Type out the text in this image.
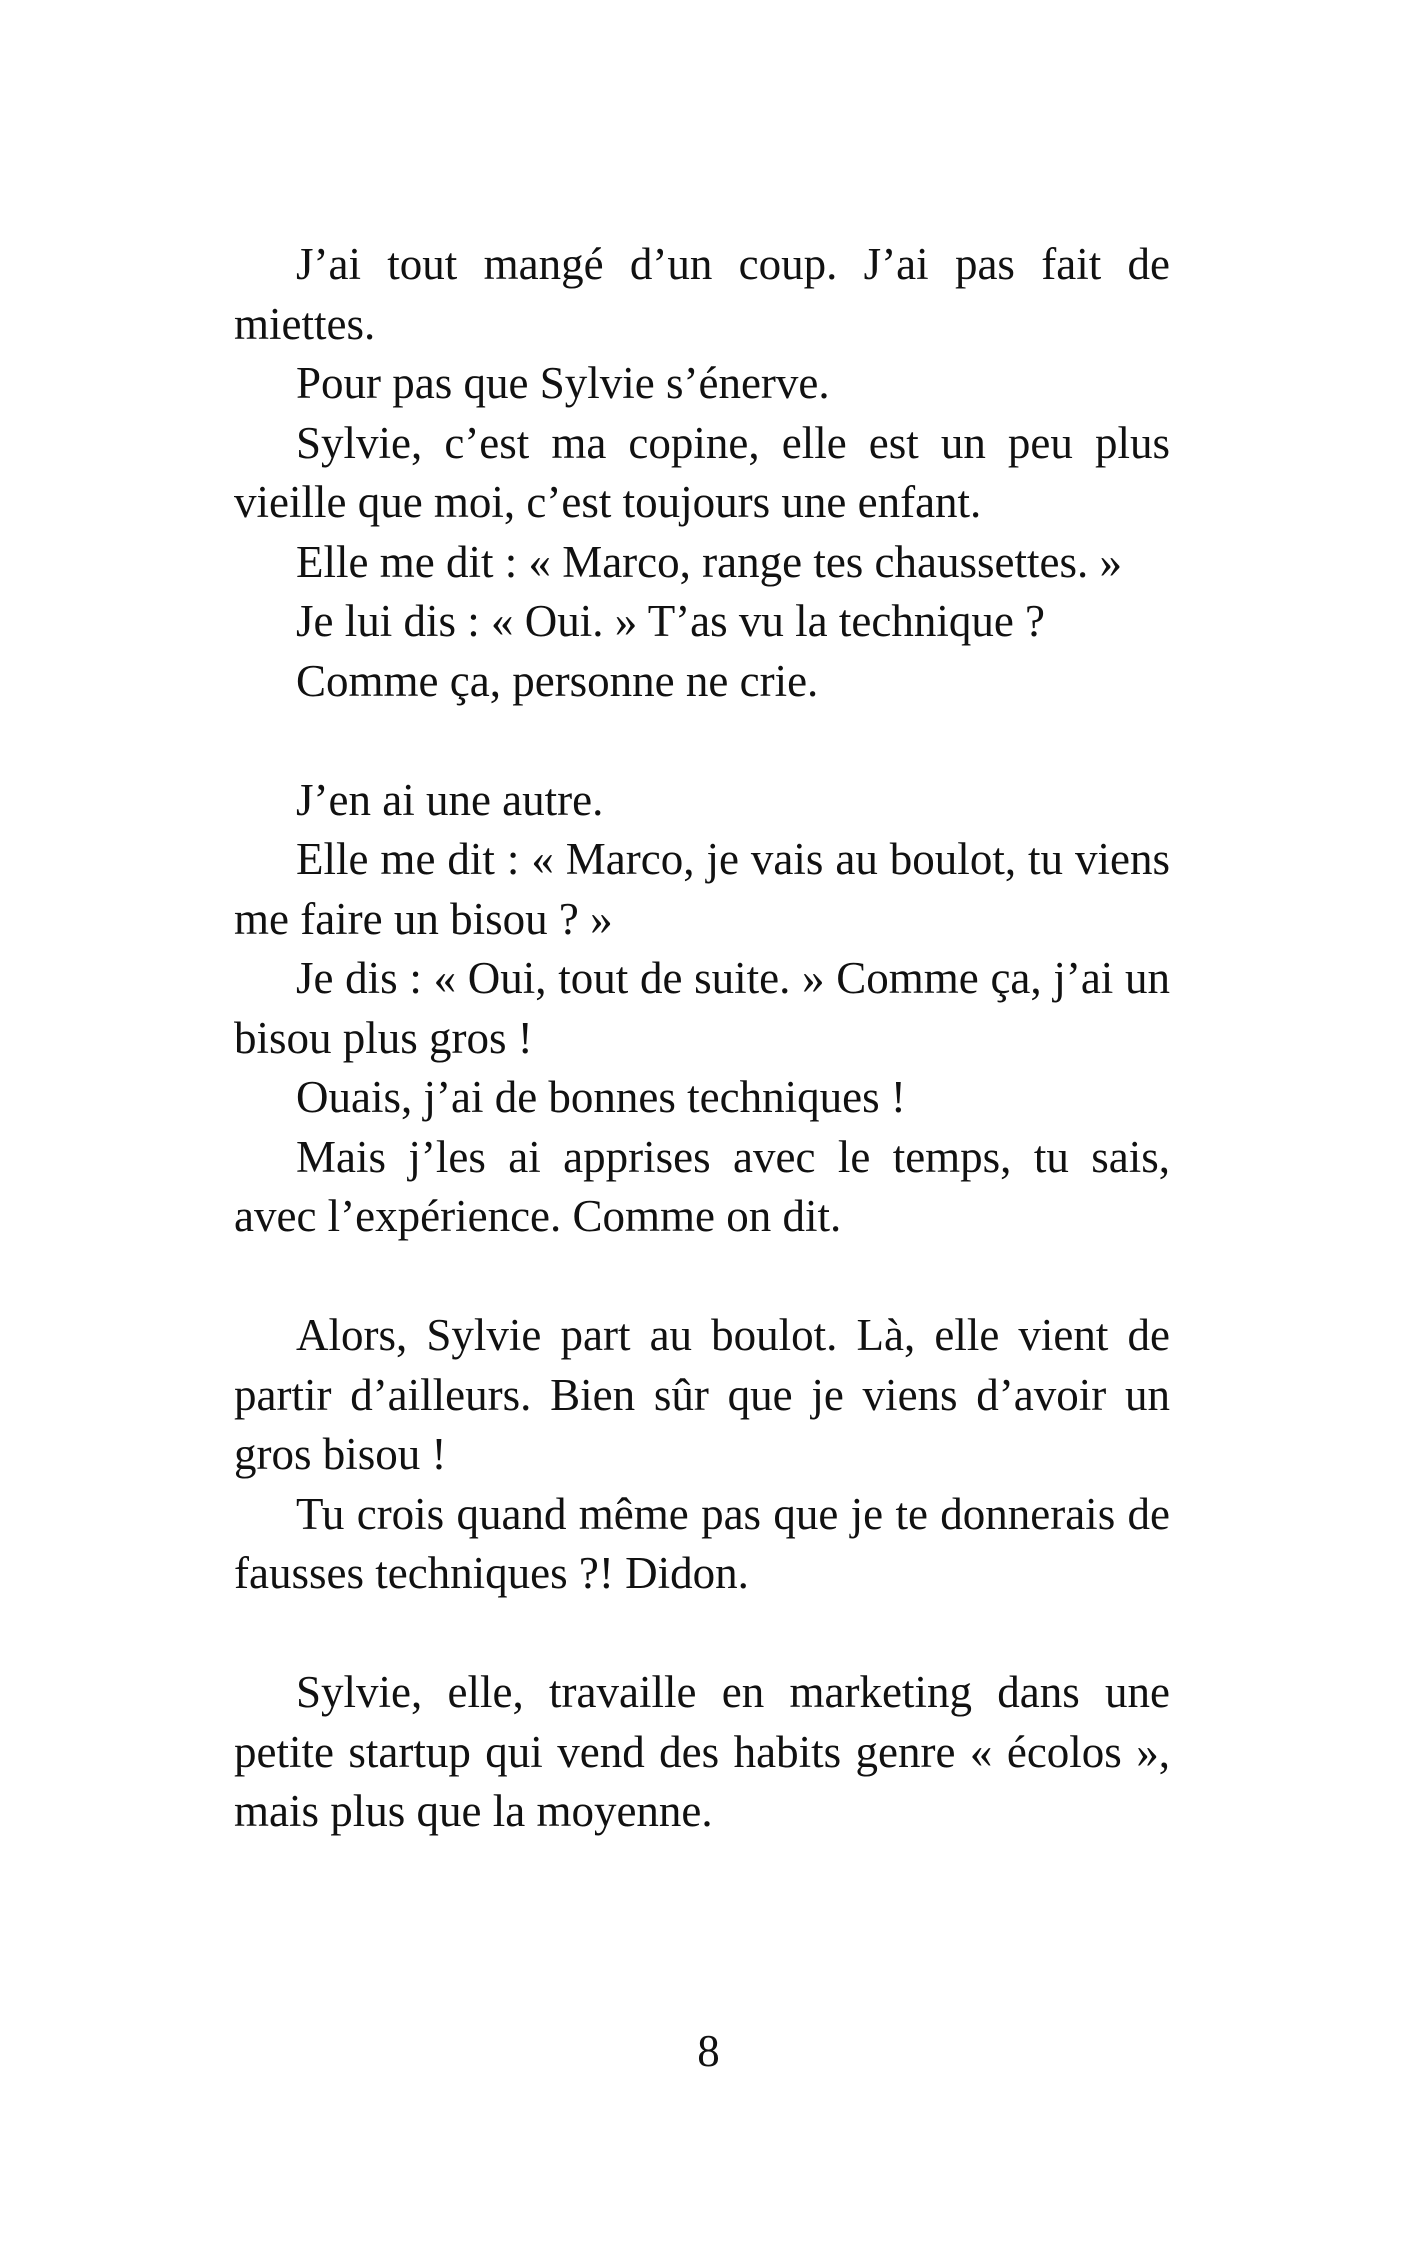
J’ai tout mangé d’un coup. J’ai pas fait de miettes.

Pour pas que Sylvie s’énerve.

Sylvie, c’est ma copine, elle est un peu plus vieille que moi, c’est toujours une enfant.

Elle me dit : « Marco, range tes chaussettes. »

Je lui dis : « Oui. » T’as vu la technique ?

Comme ça, personne ne crie.

J’en ai une autre.

Elle me dit : « Marco, je vais au boulot, tu viens me faire un bisou ? »

Je dis : « Oui, tout de suite. » Comme ça, j’ai un bisou plus gros !

Ouais, j’ai de bonnes techniques !

Mais j’les ai apprises avec le temps, tu sais, avec l’expérience. Comme on dit.

Alors, Sylvie part au boulot. Là, elle vient de partir d’ailleurs. Bien sûr que je viens d’avoir un gros bisou !

Tu crois quand même pas que je te donnerais de fausses techniques ?! Didon.

Sylvie, elle, travaille en marketing dans une petite startup qui vend des habits genre « écolos », mais plus que la moyenne.

8
